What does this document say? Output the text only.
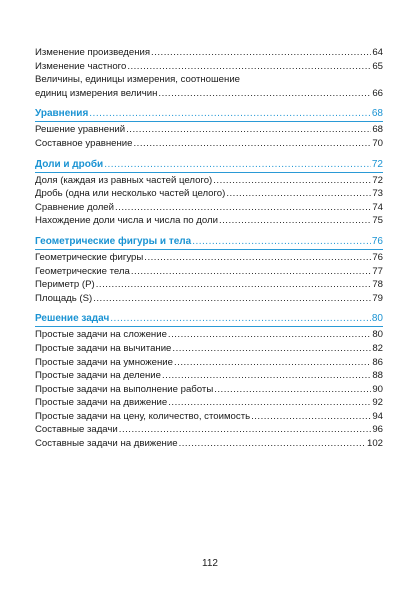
Изменение произведения .....	64
Изменение частного .....	65
Величины, единицы измерения, соотношение
единиц измерения величин .....	66
Уравнения .....	68
Решение уравнений .....	68
Составное уравнение .....	70
Доли и дроби .....	72
Доля (каждая из равных частей целого) .....	72
Дробь (одна или несколько частей целого) .....	73
Сравнение долей .....	74
Нахождение доли числа и числа по доли .....	75
Геометрические фигуры и тела .....	76
Геометрические фигуры .....	76
Геометрические тела .....	77
Периметр (P) .....	78
Площадь (S) .....	79
Решение задач .....	80
Простые задачи на сложение .....	80
Простые задачи на вычитание .....	82
Простые задачи на умножение .....	86
Простые задачи на деление .....	88
Простые задачи на выполнение работы .....	90
Простые задачи на движение .....	92
Простые задачи на цену, количество, стоимость .....	94
Составные задачи .....	96
Составные задачи на движение .....	102
112
